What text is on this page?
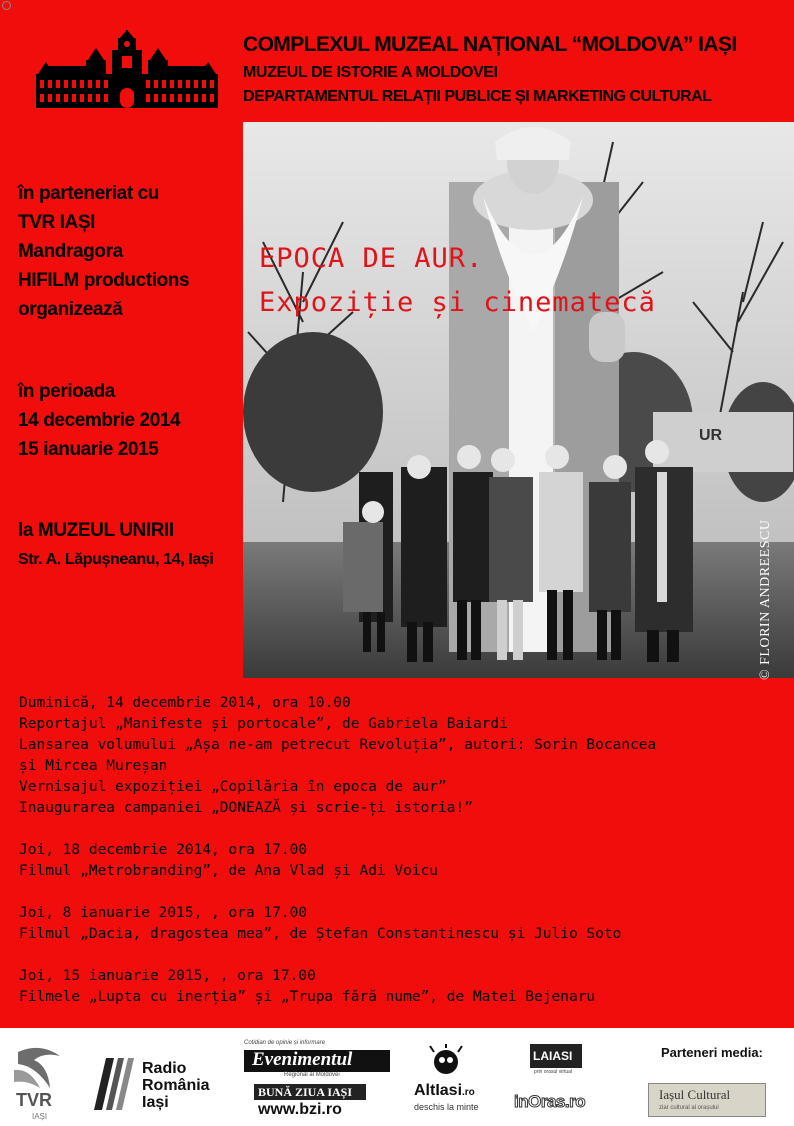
COMPLEXUL MUZEAL NAȚIONAL “MOLDOVA” IAȘI
MUZEUL DE ISTORIE A MOLDOVEI
DEPARTAMENTUL RELAȚII PUBLICE ȘI MARKETING CULTURAL
în parteneriat cu
TVR IAȘI
Mandragora
HIFILM productions
organizează
în perioada
14 decembrie 2014
15 ianuarie 2015
la MUZEUL UNIRII
Str. A. Lăpușneanu, 14, Iași
UR
EPOCA DE AUR.
Expoziție și cinematecă
© FLORIN ANDREESCU
Duminică, 14 decembrie 2014, ora 10.00
Reportajul „Manifeste și portocale”, de Gabriela Baiardi
Lansarea volumului „Așa ne-am petrecut Revoluția”, autori: Sorin Bocancea
și Mircea Mureșan
Vernisajul expoziției „Copilăria în epoca de aur”
Inaugurarea campaniei „DONEAZĂ și scrie-ți istoria!”
Joi, 18 decembrie 2014, ora 17.00
Filmul „Metrobranding”, de Ana Vlad și Adi Voicu
Joi, 8 ianuarie 2015, , ora 17.00
Filmul „Dacia, dragostea mea”, de Ștefan Constantinescu și Julio Soto
Joi, 15 ianuarie 2015, , ora 17.00
Filmele „Lupta cu inerția” și „Trupa fără nume”, de Matei Bejenaru
TVR
IAȘI
Radio
România
Iași
Cotidian de opinie și informare
Evenimentul
Regional al Moldovei
BUNĂ ZIUA IAȘI
www.bzi.ro
AltIasi.ro
deschis la minte
LAIASI
prin orasul virtual
inOras.ro
Parteneri media:
Iașul Cultural
ziar cultural al orașului
